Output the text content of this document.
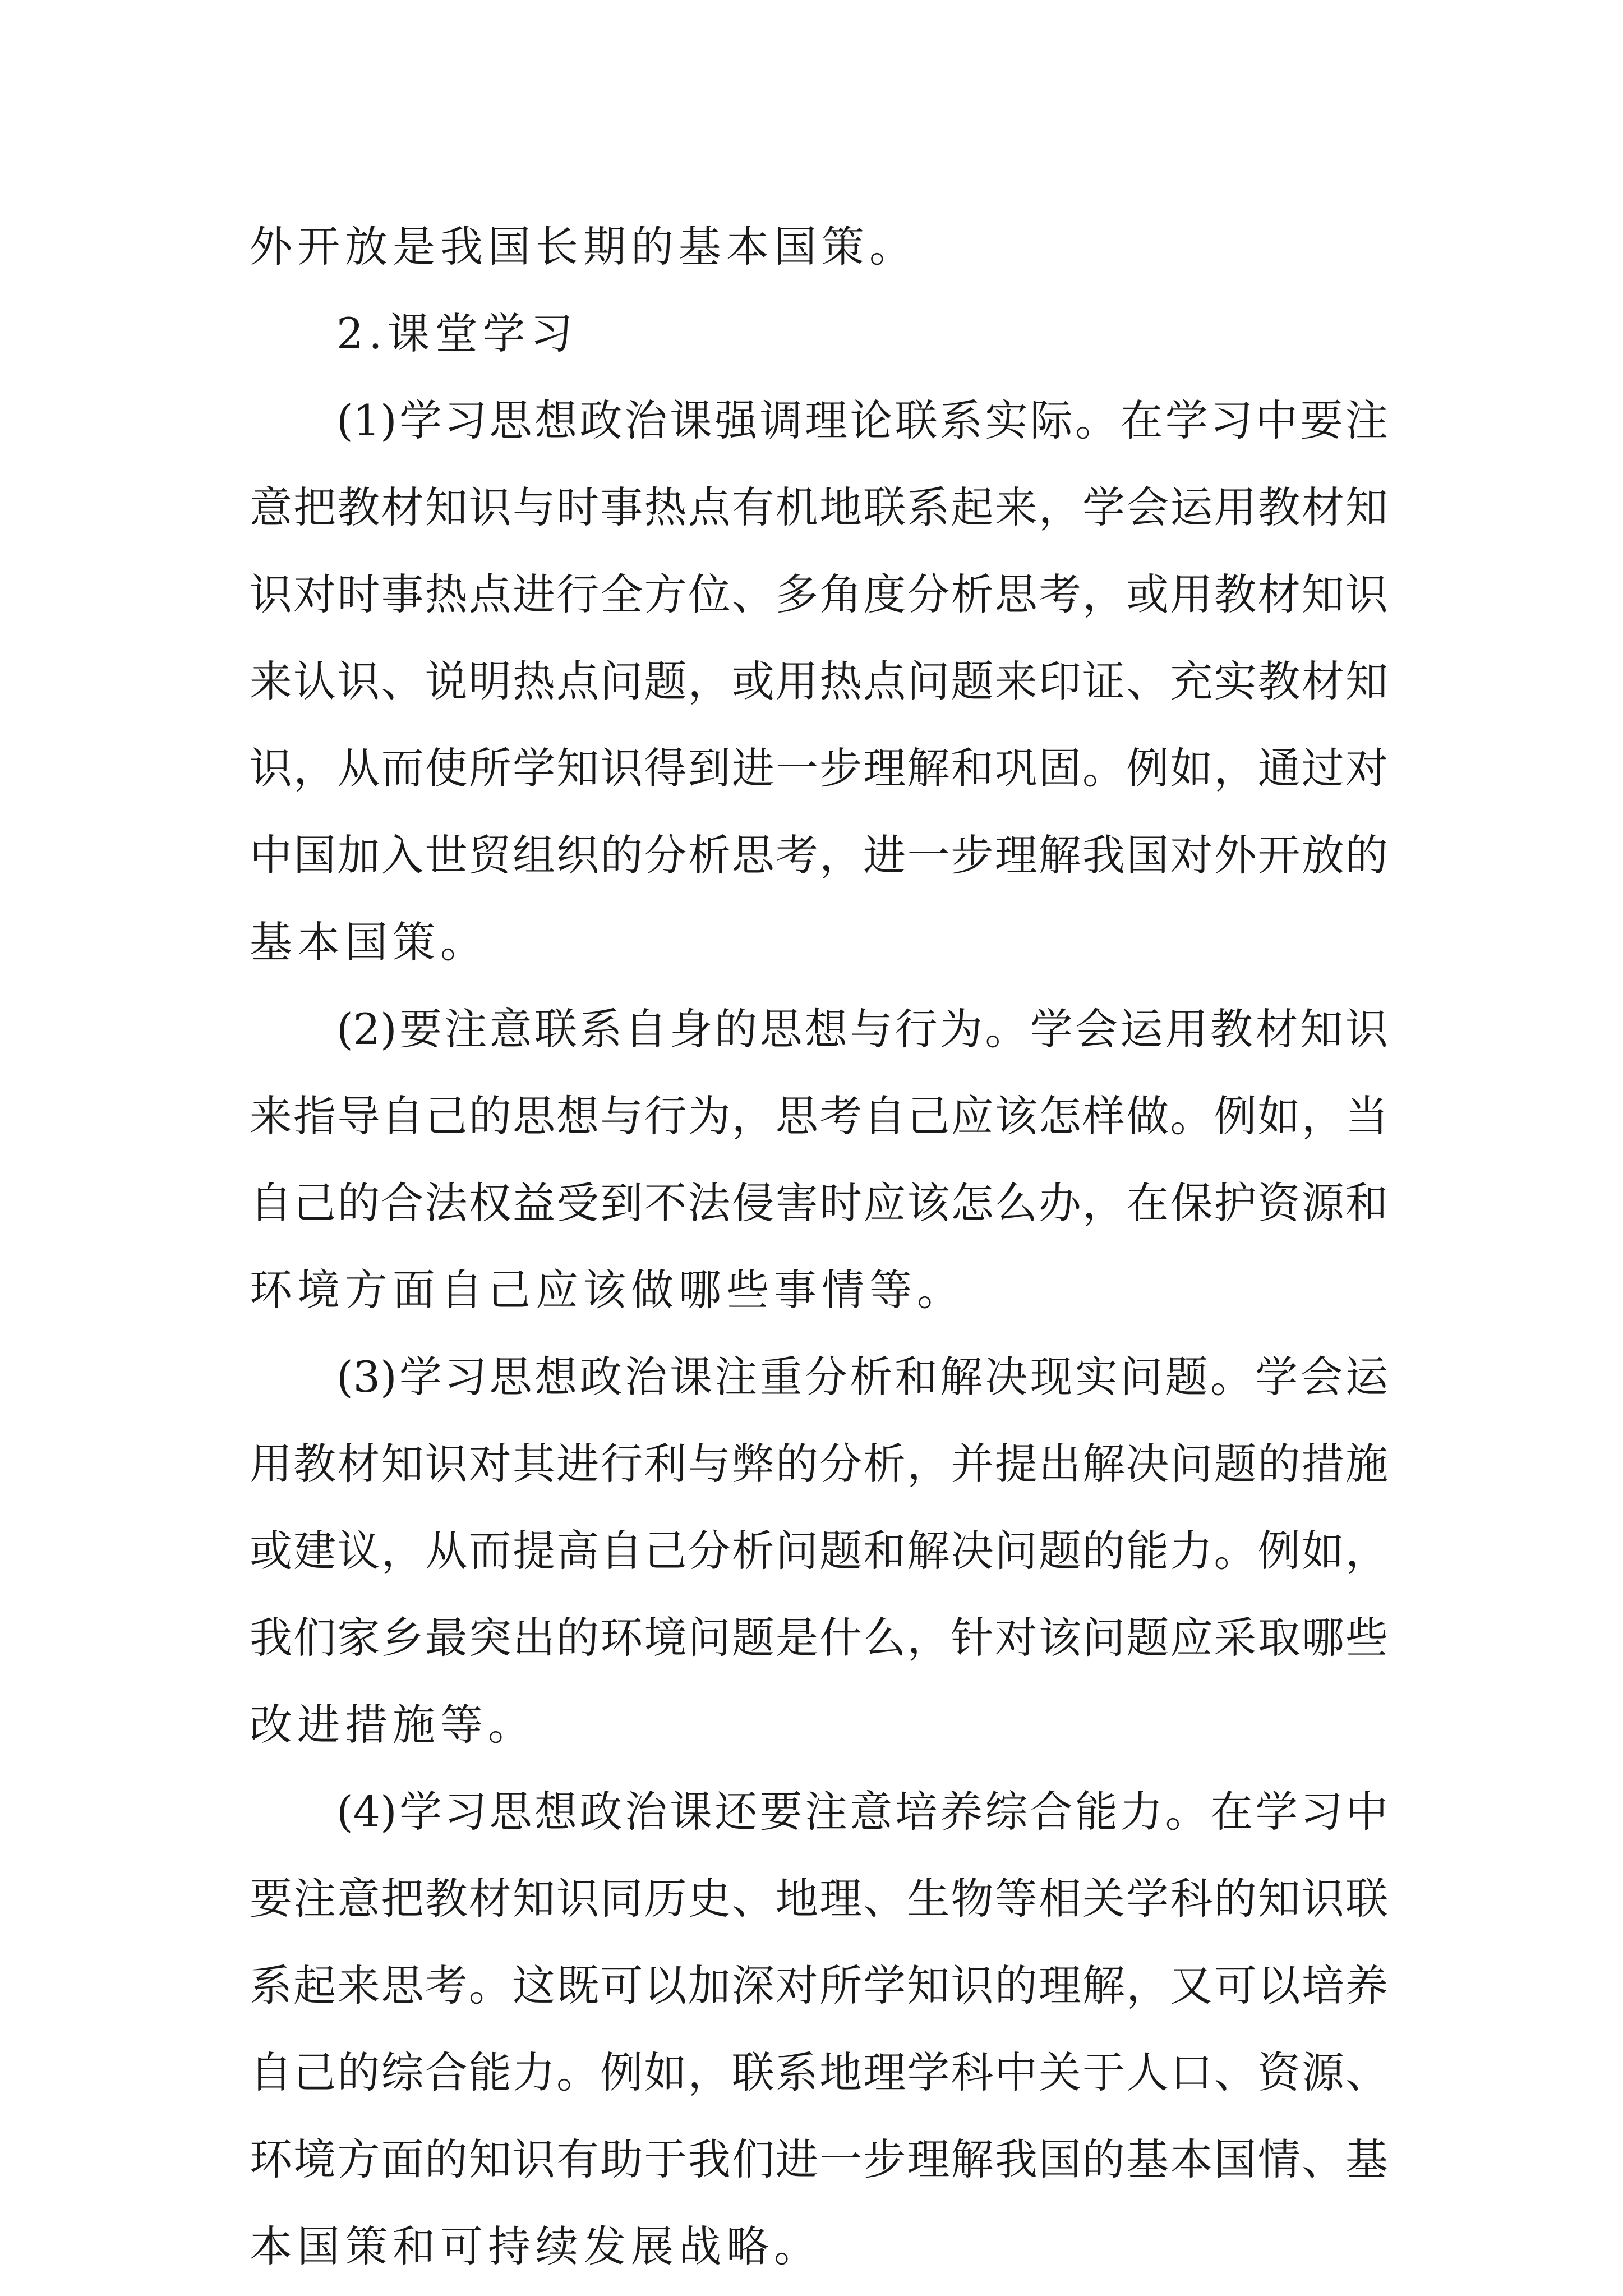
外开放是我国长期的基本国策。

2.课堂学习

(1)学习思想政治课强调理论联系实际。在学习中要注

意把教材知识与时事热点有机地联系起来，学会运用教材知

识对时事热点进行全方位、多角度分析思考，或用教材知识

来认识、说明热点问题，或用热点问题来印证、充实教材知

识，从而使所学知识得到进一步理解和巩固。例如，通过对

中国加入世贸组织的分析思考，进一步理解我国对外开放的

基本国策。

(2)要注意联系自身的思想与行为。学会运用教材知识

来指导自己的思想与行为，思考自己应该怎样做。例如，当

自己的合法权益受到不法侵害时应该怎么办，在保护资源和

环境方面自己应该做哪些事情等。

(3)学习思想政治课注重分析和解决现实问题。学会运

用教材知识对其进行利与弊的分析，并提出解决问题的措施

或建议，从而提高自己分析问题和解决问题的能力。例如，

我们家乡最突出的环境问题是什么，针对该问题应采取哪些

改进措施等。

(4)学习思想政治课还要注意培养综合能力。在学习中

要注意把教材知识同历史、地理、生物等相关学科的知识联

系起来思考。这既可以加深对所学知识的理解，又可以培养

自己的综合能力。例如，联系地理学科中关于人口、资源、

环境方面的知识有助于我们进一步理解我国的基本国情、基

本国策和可持续发展战略。
